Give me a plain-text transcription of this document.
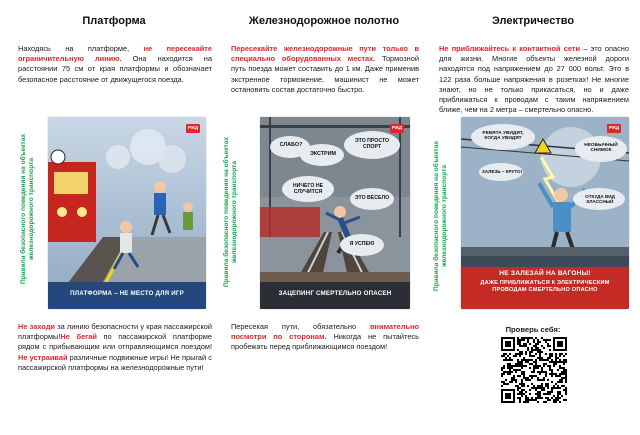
Платформа

Находясь на платформе, не пересекайте ограничительную линию. Она находится на расстоянии 75 см от края платформы и обозначает безопасное расстояние от движущегося поезда.

Правила безопасного поведения на объектах железнодорожного транспорта
ПЛАТФОРМА – НЕ МЕСТО ДЛЯ ИГР
РЖД

Не заходи за линию безопасности у края пассажирской платформы!Не бегай по пассажирской платформе рядом с прибывающим или отправляющимся поездом!Не устраивай различные подвижные игры! Не прыгай с пассажирской платформы на железнодорожные пути!

Железнодорожное полотно

Пересекайте железнодорожные пути только в специально оборудованных местах. Тормозной путь поезда может составить до 1 км. Даже применив экстренное торможение, машинист не может остановить состав достаточно быстро.

Правила безопасного поведения на объектах железнодорожного транспорта
СЛАБО?
ЭКСТРИМ
ЭТО ПРОСТО СПОРТ
НИЧЕГО НЕ СЛУЧИТСЯ
ЭТО ВЕСЕЛО
Я УСПЕЮ
ЗАЦЕПИНГ СМЕРТЕЛЬНО ОПАСЕН
РЖД

Пересекая пути, обязательно внимательно посмотри по сторонам. Никогда не пытайтесь пробежать перед приближающимся поездом!

Электричество

Не приближайтесь к контактной сети – это опасно для жизни. Многие объекты железной дороги находятся под напряжением до 27 000 вольт. Это в 122 раза больше напряжения в розетках! Не многие знают, но не только прикасаться, но и даже приближаться к проводам с таким напряжением ближе, чем на 2 метра – смертельно опасно.

Правила безопасного поведения на объектах железнодорожного транспорта
РЕБЯТА УВИДЯТ, КОГДА УВИДЯТ
НЕОБЫЧНЫЙ СНИМОК
ЗАЛЕЗЬ – КРУТО!
ОТКУДА ВИД КЛАССНЫЙ
НЕ ЗАЛЕЗАЙ НА ВАГОНЫ!
ДАЖЕ ПРИБЛИЖАТЬСЯ К ЭЛЕКТРИЧЕСКИМ ПРОВОДАМ СМЕРТЕЛЬНО ОПАСНО
РЖД
Проверь себя:
